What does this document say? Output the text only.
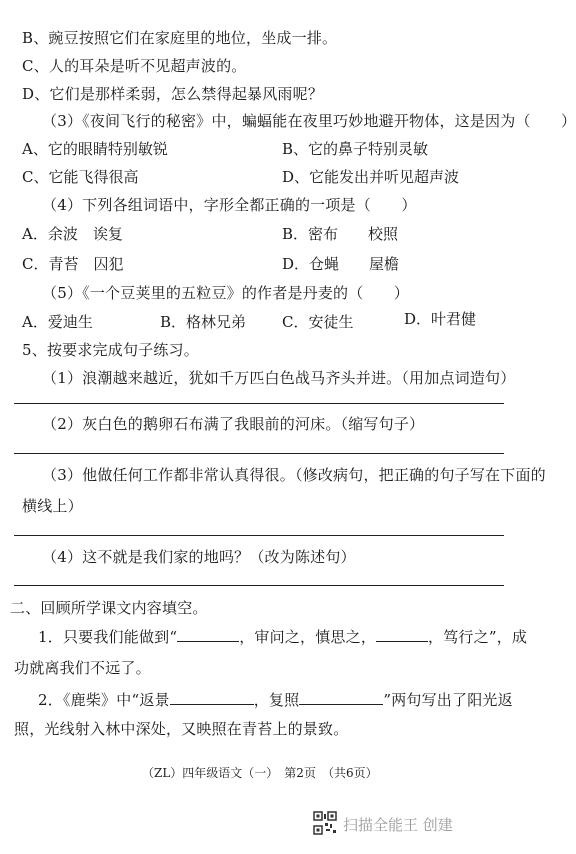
B、豌豆按照它们在家庭里的地位，坐成一排。
C、人的耳朵是听不见超声波的。
D、它们是那样柔弱，怎么禁得起暴风雨呢？
（3）《夜间飞行的秘密》中，蝙蝠能在夜里巧妙地避开物体，这是因为（　　）
A、它的眼睛特别敏锐	B、它的鼻子特别灵敏
C、它能飞得很高	D、它能发出并听见超声波
（4）下列各组词语中，字形全都正确的一项是（　　）
A．余波　诶复	B．密布　　校照
C．青苔　囚犯	D．仓蝇　　屋檐
（5）《一个豆荚里的五粒豆》的作者是丹麦的（　　）
A．爱迪生	B．格林兄弟 C．安徒生	D．叶君健
5、按要求完成句子练习。
（1）浪潮越来越近，犹如千万匹白色战马齐头并进。（用加点词造句）
（2）灰白色的鹅卵石布满了我眼前的河床。（缩写句子）
（3）他做任何工作都非常认真得很。（修改病句，把正确的句子写在下面的
横线上）
（4）这不就是我们家的地吗？（改为陈述句）
二、回顾所学课文内容填空。
1．只要我们能做到“	，审问之，慎思之，	，笃行之”，成
功就离我们不远了。
2．《鹿柴》中“返景	，复照	”两句写出了阳光返
照，光线射入林中深处，又映照在青苔上的景致。
（ZL）四年级语文（一）　第2页　（共6页）
扫描全能王 创建
